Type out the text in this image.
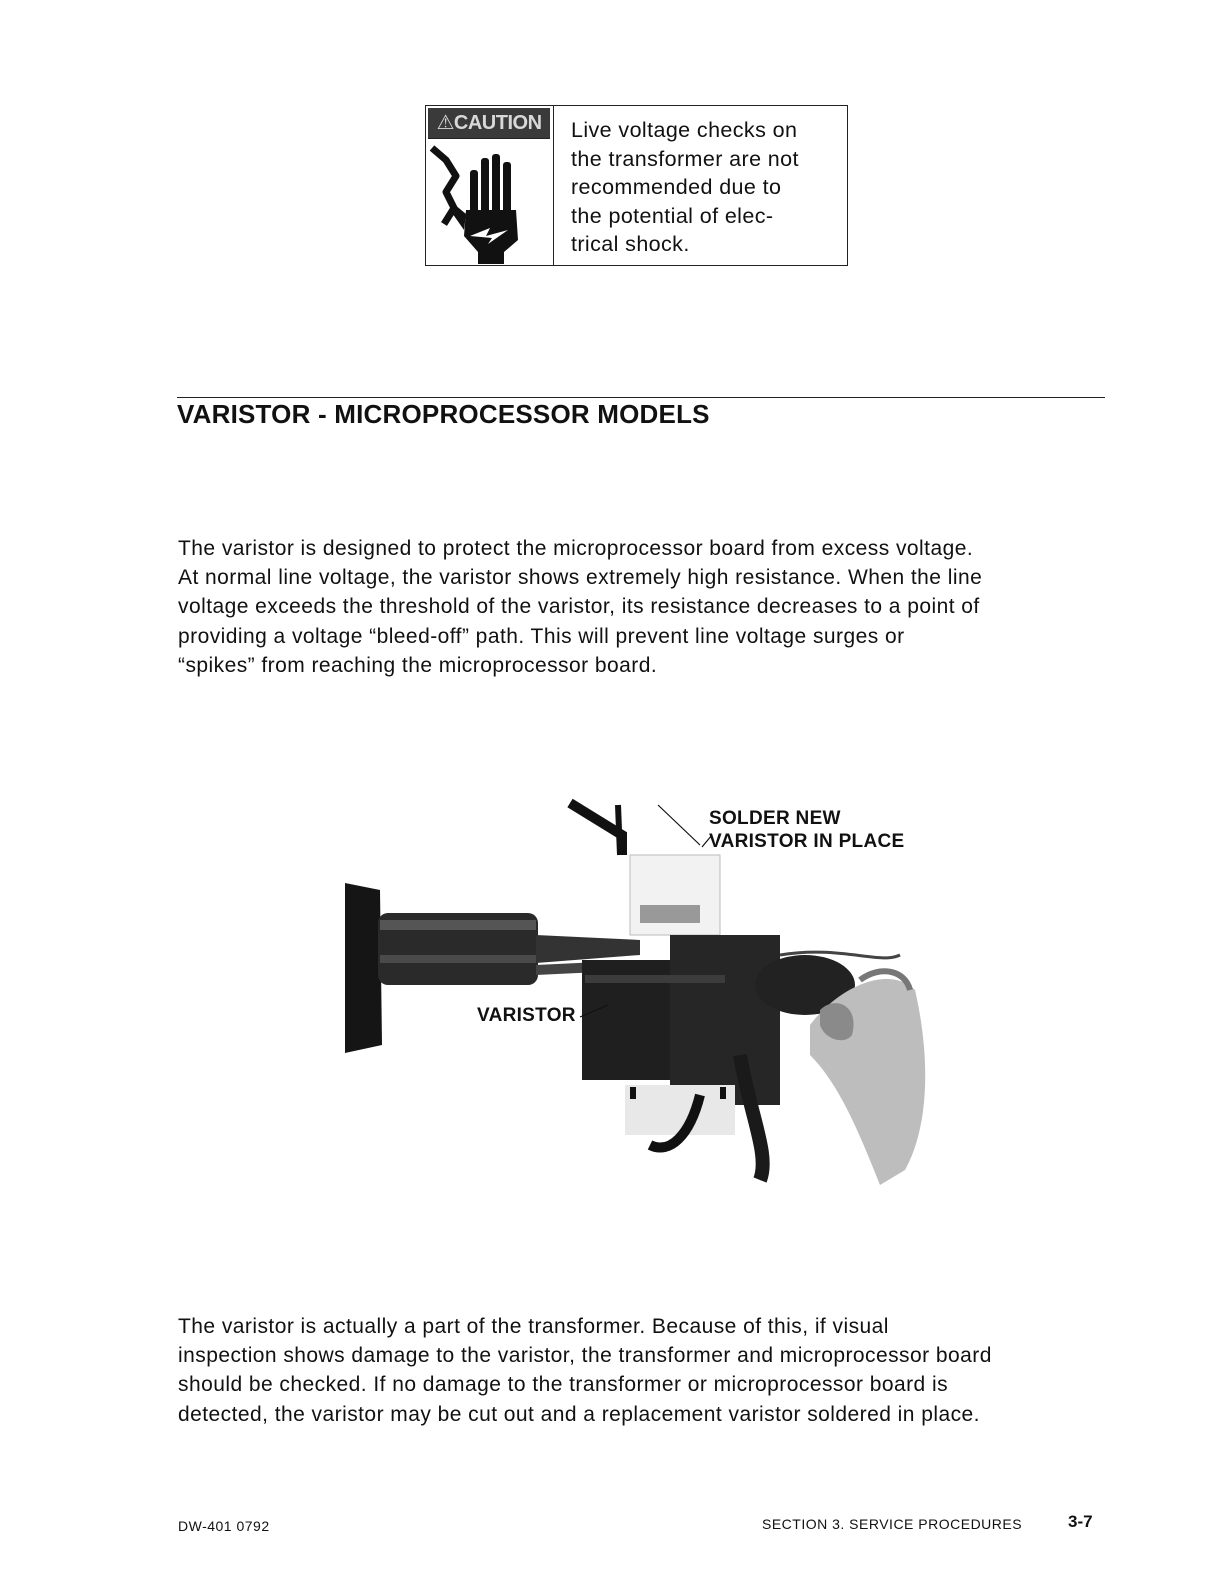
⚠CAUTION	Live voltage checks on
the transformer are not
recommended due to
the potential of elec-
trical shock.
VARISTOR - MICROPROCESSOR MODELS
The varistor is designed to protect the microprocessor board from excess voltage.
At normal line voltage, the varistor shows extremely high resistance. When the line
voltage exceeds the threshold of the varistor, its resistance decreases to a point of
providing a voltage “bleed-off” path. This will prevent line voltage surges or
“spikes” from reaching the microprocessor board.
SOLDER NEW
VARISTOR IN PLACE
VARISTOR
The varistor is actually a part of the transformer. Because of this, if visual
inspection shows damage to the varistor, the transformer and microprocessor board
should be checked. If no damage to the transformer or microprocessor board is
detected, the varistor may be cut out and a replacement varistor soldered in place.
DW-401 0792	SECTION 3. SERVICE PROCEDURES	3-7
